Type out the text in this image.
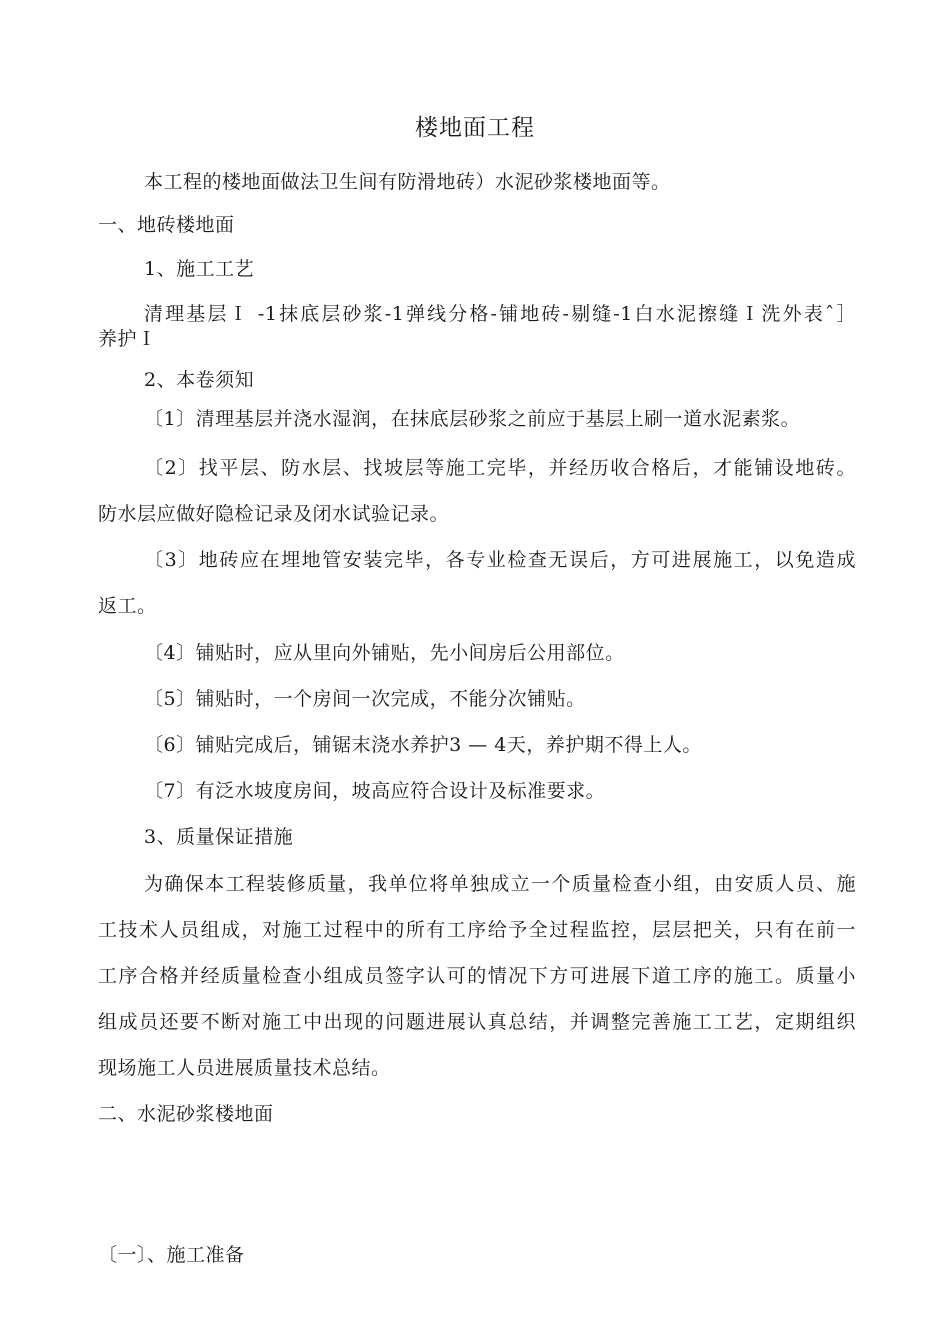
楼地面工程
本工程的楼地面做法卫生间有防滑地砖）水泥砂浆楼地面等。
一、地砖楼地面
1、施工工艺
清理基层Ｉ -1抹底层砂浆-1弹线分格-铺地砖-剔缝-1白水泥擦缝Ｉ洗外表ˆ］
养护Ｉ
2、本卷须知
〔1〕清理基层并浇水湿润，在抹底层砂浆之前应于基层上刷一道水泥素浆。
〔2〕找平层、防水层、找坡层等施工完毕，并经历收合格后，才能铺设地砖。
防水层应做好隐检记录及闭水试验记录。
〔3〕地砖应在埋地管安装完毕，各专业检查无误后，方可进展施工，以免造成
返工。
〔4〕铺贴时，应从里向外铺贴，先小间房后公用部位。
〔5〕铺贴时，一个房间一次完成，不能分次铺贴。
〔6〕铺贴完成后，铺锯末浇水养护3 — 4天，养护期不得上人。
〔7〕有泛水坡度房间，坡高应符合设计及标准要求。
3、质量保证措施
为确保本工程装修质量，我单位将单独成立一个质量检查小组，由安质人员、施
工技术人员组成，对施工过程中的所有工序给予全过程监控，层层把关，只有在前一
工序合格并经质量检查小组成员签字认可的情况下方可进展下道工序的施工。质量小
组成员还要不断对施工中出现的问题进展认真总结，并调整完善施工工艺，定期组织
现场施工人员进展质量技术总结。
二、水泥砂浆楼地面
〔一〕、施工准备
